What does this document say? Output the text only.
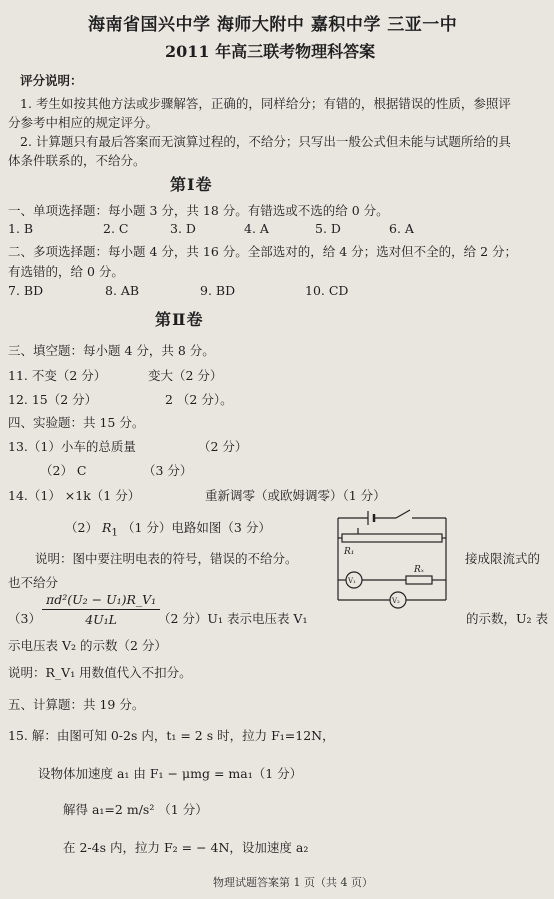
海南省国兴中学 海师大附中 嘉积中学 三亚一中
2011 年高三联考物理科答案
评分说明：
1. 考生如按其他方法或步骤解答，正确的，同样给分；有错的，根据错误的性质，参照评
分参考中相应的规定评分。
2. 计算题只有最后答案而无演算过程的，不给分；只写出一般公式但未能与试题所给的具
体条件联系的，不给分。
第Ⅰ卷
一、单项选择题：每小题 3 分，共 18 分。有错选或不选的给 0 分。
1. B	2. C	3. D	4. A	5. D	6. A
二、多项选择题：每小题 4 分，共 16 分。全部选对的，给 4 分；选对但不全的，给 2 分；
有选错的，给 0 分。
7. BD	8. AB	9. BD	10. CD
第Ⅱ卷
三、填空题：每小题 4 分，共 8 分。
11. 不变（2 分）	变大（2 分）
12. 15（2 分）	2 （2 分）。
四、实验题：共 15 分。
13.（1）小车的总质量	（2 分）
（2） C	（3 分）
14.（1） ×1k（1 分）	重新调零（或欧姆调零）（1 分）
（2） $R_1$ （1 分）电路如图（3 分）
说明：图中要注明电表的符号，错误的不给分。	接成限流式的
也不给分
$(3) \frac{\text{πd²(U₂ − U₁)R\_V₁}}{\text{4U₁L}}$
（2 分）U₁ 表示电压表 V₁	的示数，U₂ 表
示电压表 V₂ 的示数（2 分）
说明：R_V₁ 用数值代入不扣分。
五、计算题：共 19 分。
15. 解：由图可知 0-2s 内，t₁ = 2 s 时，拉力 F₁=12N，
设物体加速度 a₁ 由 F₁ − μmg = ma₁（1 分）
解得 a₁=2 m/s² （1 分）
在 2-4s 内，拉力 F₂ = − 4N，设加速度 a₂
物理试题答案第 1 页（共 4 页）
R₁
Rₓ
V₁
V₂
